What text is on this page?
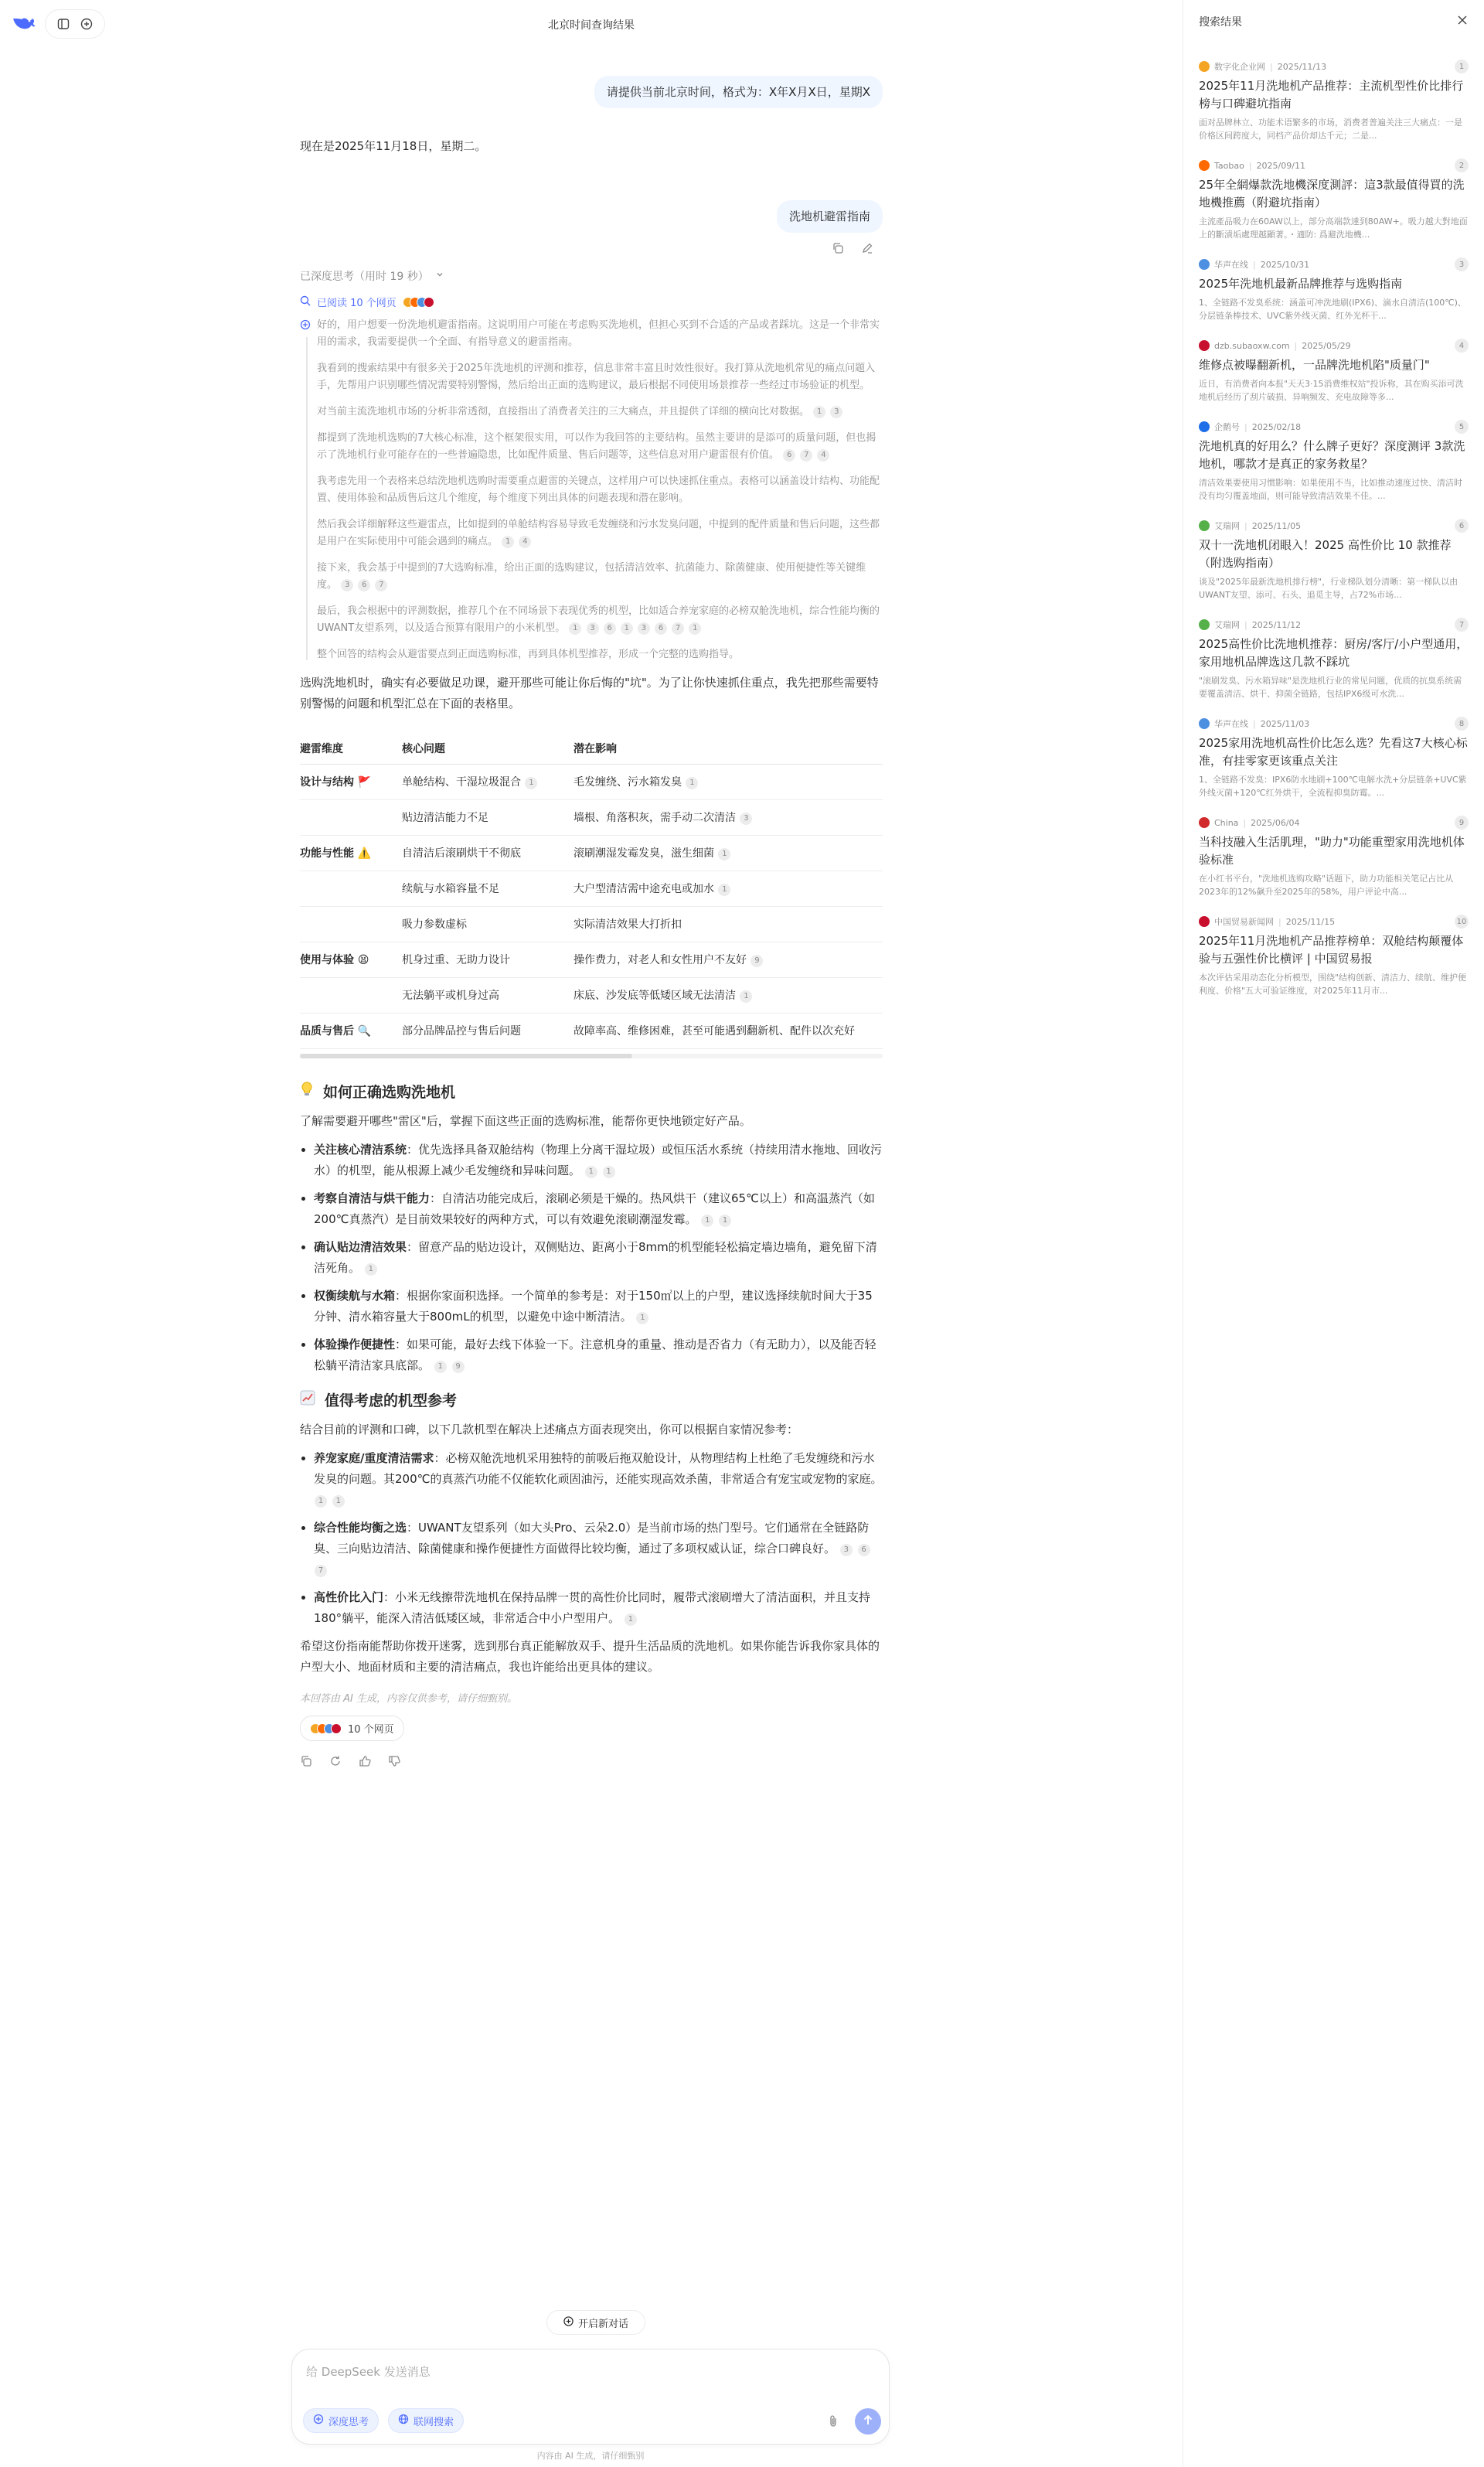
北京时间查询结果
请提供当前北京时间，格式为：X年X月X日，星期X
现在是2025年11月18日，星期二。
洗地机避雷指南
已深度思考（用时 19 秒）
已阅读 10 个网页
好的，用户想要一份洗地机避雷指南。这说明用户可能在考虑购买洗地机，但担心买到不合适的产品或者踩坑。这是一个非常实用的需求，我需要提供一个全面、有指导意义的避雷指南。
我看到的搜索结果中有很多关于2025年洗地机的评测和推荐，信息非常丰富且时效性很好。我打算从洗地机常见的痛点问题入手，先帮用户识别哪些情况需要特别警惕，然后给出正面的选购建议，最后根据不同使用场景推荐一些经过市场验证的机型。
对当前主流洗地机市场的分析非常透彻，直接指出了消费者关注的三大痛点，并且提供了详细的横向比对数据。 1 3
都提到了洗地机选购的7大核心标准，这个框架很实用，可以作为我回答的主要结构。虽然主要讲的是添可的质量问题，但也揭示了洗地机行业可能存在的一些普遍隐患，比如配件质量、售后问题等，这些信息对用户避雷很有价值。 6 7 4
我考虑先用一个表格来总结洗地机选购时需要重点避雷的关键点，这样用户可以快速抓住重点。表格可以涵盖设计结构、功能配置、使用体验和品质售后这几个维度，每个维度下列出具体的问题表现和潜在影响。
然后我会详细解释这些避雷点，比如提到的单舱结构容易导致毛发缠绕和污水发臭问题，中提到的配件质量和售后问题，这些都是用户在实际使用中可能会遇到的痛点。 1 4
接下来，我会基于中提到的7大选购标准，给出正面的选购建议，包括清洁效率、抗菌能力、除菌健康、使用便捷性等关键维度。 3 6 7
最后，我会根据中的评测数据，推荐几个在不同场景下表现优秀的机型，比如适合养宠家庭的必榜双舱洗地机，综合性能均衡的UWANT友望系列，以及适合预算有限用户的小米机型。 1 3 6 1 3 6 7 1
整个回答的结构会从避雷要点到正面选购标准，再到具体机型推荐，形成一个完整的选购指导。
选购洗地机时，确实有必要做足功课，避开那些可能让你后悔的"坑"。为了让你快速抓住重点，我先把那些需要特别警惕的问题和机型汇总在下面的表格里。
避雷维度	核心问题	潜在影响
设计与结构 🚩	单舱结构、干湿垃圾混合 1	毛发缠绕、污水箱发臭 1
	贴边清洁能力不足	墙根、角落积灰，需手动二次清洁 3
功能与性能 ⚠️	自清洁后滚刷烘干不彻底	滚刷潮湿发霉发臭，滋生细菌 1
	续航与水箱容量不足	大户型清洁需中途充电或加水 1
	吸力参数虚标	实际清洁效果大打折扣
使用与体验 😫	机身过重、无助力设计	操作费力，对老人和女性用户不友好 9
	无法躺平或机身过高	床底、沙发底等低矮区域无法清洁 1
品质与售后 🔍	部分品牌品控与售后问题	故障率高、维修困难，甚至可能遇到翻新机、配件以次充好
如何正确选购洗地机
了解需要避开哪些"雷区"后，掌握下面这些正面的选购标准，能帮你更快地锁定好产品。
• 关注核心清洁系统：优先选择具备双舱结构（物理上分离干湿垃圾）或恒压活水系统（持续用清水拖地、回收污水）的机型，能从根源上减少毛发缠绕和异味问题。 1 1
• 考察自清洁与烘干能力：自清洁功能完成后，滚刷必须是干燥的。热风烘干（建议65℃以上）和高温蒸汽（如200℃真蒸汽）是目前效果较好的两种方式，可以有效避免滚刷潮湿发霉。 1 1
• 确认贴边清洁效果：留意产品的贴边设计，双侧贴边、距离小于8mm的机型能轻松搞定墙边墙角，避免留下清洁死角。 1
• 权衡续航与水箱：根据你家面积选择。一个简单的参考是：对于150㎡以上的户型，建议选择续航时间大于35分钟、清水箱容量大于800mL的机型，以避免中途中断清洁。 1
• 体验操作便捷性：如果可能，最好去线下体验一下。注意机身的重量、推动是否省力（有无助力），以及能否轻松躺平清洁家具底部。 1 9
值得考虑的机型参考
结合目前的评测和口碑，以下几款机型在解决上述痛点方面表现突出，你可以根据自家情况参考：
• 养宠家庭/重度清洁需求：必榜双舱洗地机采用独特的前吸后拖双舱设计，从物理结构上杜绝了毛发缠绕和污水发臭的问题。其200℃的真蒸汽功能不仅能软化顽固油污，还能实现高效杀菌，非常适合有宠宝或宠物的家庭。 1 1
• 综合性能均衡之选：UWANT友望系列（如大头Pro、云朵2.0）是当前市场的热门型号。它们通常在全链路防臭、三向贴边清洁、除菌健康和操作便捷性方面做得比较均衡，通过了多项权威认证，综合口碑良好。 3 6 7
• 高性价比入门：小米无线擦带洗地机在保持品牌一贯的高性价比同时，履带式滚刷增大了清洁面积，并且支持180°躺平，能深入清洁低矮区域，非常适合中小户型用户。 1
希望这份指南能帮助你拨开迷雾，选到那台真正能解放双手、提升生活品质的洗地机。如果你能告诉我你家具体的户型大小、地面材质和主要的清洁痛点，我也许能给出更具体的建议。
本回答由 AI 生成，内容仅供参考，请仔细甄别。
10 个网页
开启新对话
给 DeepSeek 发送消息
深度思考	联网搜索
内容由 AI 生成，请仔细甄别
搜索结果
数字化企业网 | 2025/11/13	1
2025年11月洗地机产品推荐：主流机型性价比排行榜与口碑避坑指南
面对品牌林立、功能术语繁多的市场，消费者普遍关注三大痛点：一是价格区间跨度大，同档产品价却达千元；二是...
Taobao | 2025/09/11	2
25年全網爆款洗地機深度測評：這3款最值得買的洗地機推薦（附避坑指南）
主流產品吸力在60AW以上，部分高端款達到80AW+。吸力越大對地面上的斷漬垢處理越顯著。・適防: 爲避洗地機...
华声在线 | 2025/10/31	3
2025年洗地机最新品牌推荐与选购指南
1、全链路不发臭系统：涵盖可冲洗地刷(IPX6)、滴水自清洁(100℃)、分层链条棒技术、UVC紫外线灭菌、红外光杯干...
dzb.subaoxw.com | 2025/05/29	4
维修点被曝翻新机，一品牌洗地机陷"质量门"
近日，有消费者向本报"天天3·15消费维权站"投诉称，其在购买添可洗地机后经历了刮片破损、异响频发、充电故障等多...
企鹅号 | 2025/02/18	5
洗地机真的好用么？什么牌子更好？深度测评 3款洗地机，哪款才是真正的家务救星？
清洁效果要使用习惯影响：如果使用不当，比如推动速度过快、清洁时没有均匀覆盖地面，则可能导致清洁效果不佳。...
艾瑞网 | 2025/11/05	6
双十一洗地机闭眼入！2025 高性价比 10 款推荐（附选购指南）
谈及"2025年最新洗地机排行榜"，行业梯队划分清晰：第一梯队以由UWANT友望、添可、石头、追觅主导，占72%市场...
艾瑞网 | 2025/11/12	7
2025高性价比洗地机推荐：厨房/客厅/小户型通用，家用地机品牌选这几款不踩坑
"滚刷发臭、污水箱异味"是洗地机行业的常见问题，优质的抗臭系统需要覆盖清洁、烘干、抑菌全链路，包括IPX6级可水洗...
华声在线 | 2025/11/03	8
2025家用洗地机高性价比怎么选？先看这7大核心标准，有挂零家更该重点关注
1、全链路不发臭：IPX6防水地刷+100℃电解水洗+分层链条+UVC紫外线灭菌+120℃红外烘干，全流程抑臭防霉。...
China | 2025/06/04	9
当科技融入生活肌理，"助力"功能重塑家用洗地机体验标准
在小红书平台，"洗地机选购攻略"话题下，助力功能相关笔记占比从2023年的12%飙升至2025年的58%，用户评论中高...
中国贸易新闻网 | 2025/11/15	10
2025年11月洗地机产品推荐榜单：双舱结构颠覆体验与五强性价比横评 | 中国贸易报
本次评估采用动态化分析模型，围绕"结构创新、清洁力、续航、维护便利度、价格"五大可验证维度，对2025年11月市...
